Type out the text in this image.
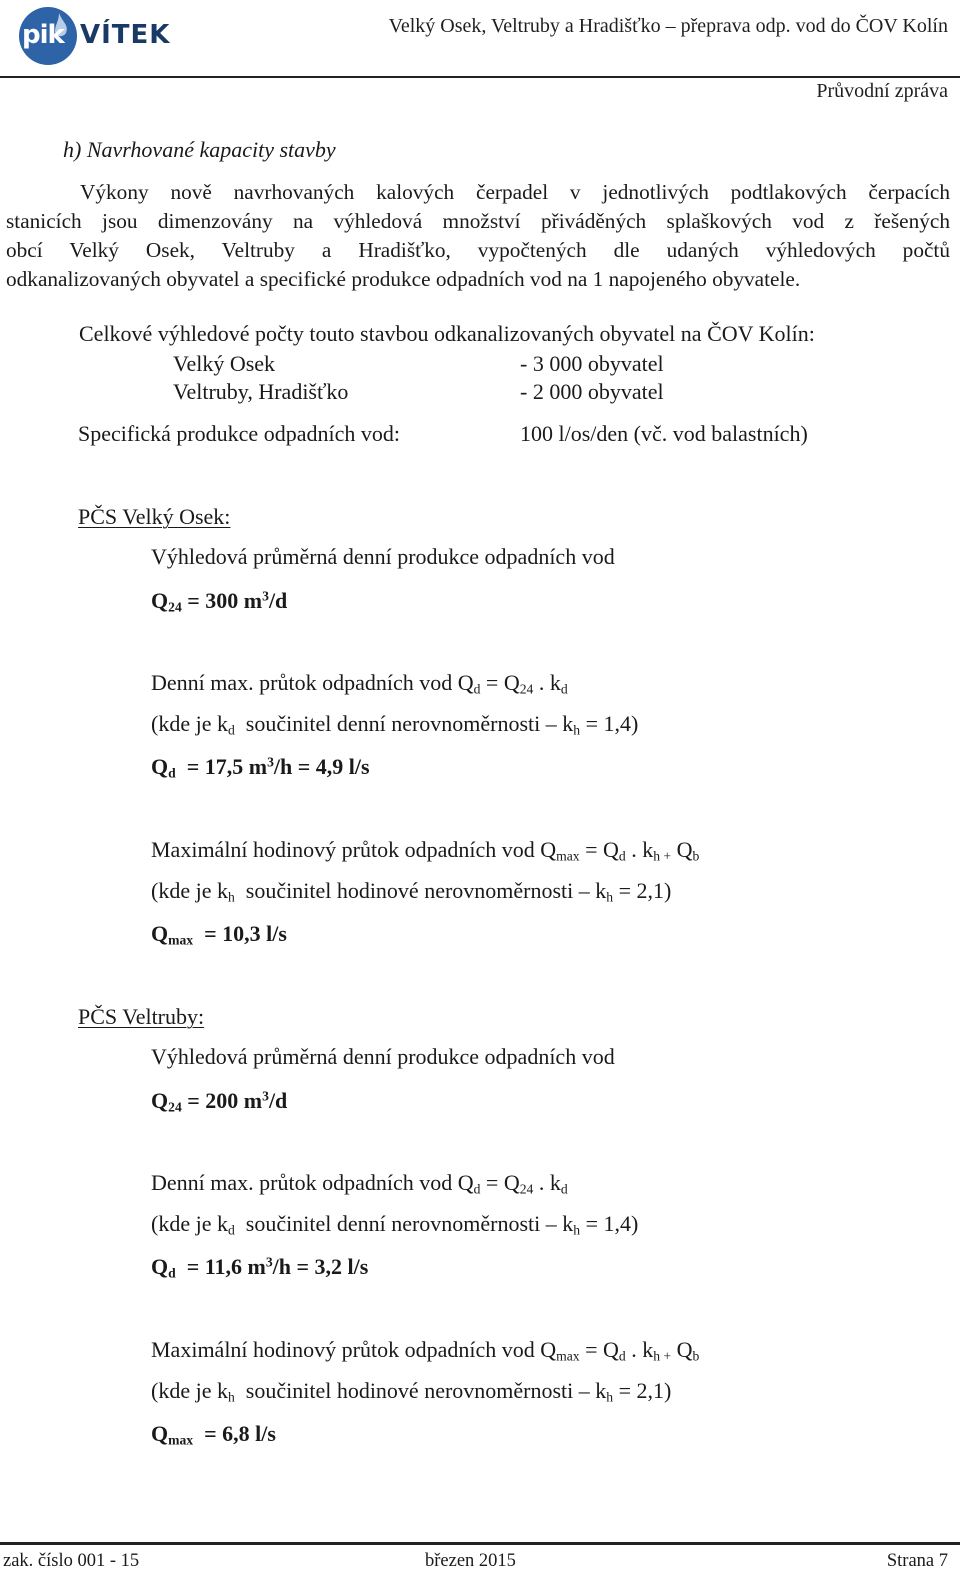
pik VÍTEK	Velký Osek, Veltruby a Hradišťko – přeprava odp. vod do ČOV Kolín
Průvodní zpráva
h) Navrhované kapacity stavby
Výkony nově navrhovaných kalových čerpadel v jednotlivých podtlakových čerpacích
stanicích jsou dimenzovány na výhledová množství přiváděných splaškových vod z řešených
obcí Velký Osek, Veltruby a Hradišťko, vypočtených dle udaných výhledových počtů
odkanalizovaných obyvatel a specifické produkce odpadních vod na 1 napojeného obyvatele.
Celkové výhledové počty touto stavbou odkanalizovaných obyvatel na ČOV Kolín:
Velký Osek	- 3 000 obyvatel
Veltruby, Hradišťko	- 2 000 obyvatel
Specifická produkce odpadních vod:	100 l/os/den (vč. vod balastních)
PČS Velký Osek:
Výhledová průměrná denní produkce odpadních vod
$Q_{24} = 300$ $m^3/d$
Denní max. průtok odpadních vod $Q_d = Q_{24}$ . $k_d$
(kde je $k_d$ součinitel denní nerovnoměrnosti – $k_h = 1,4$)
$Q_d = 17,5$ $m^3/h = 4,9$ l/s
Maximální hodinový průtok odpadních vod $Q_{max} = Q_d$ . $k_{h +}$ $Q_b$
(kde je $k_h$ součinitel hodinové nerovnoměrnosti – $k_h = 2,1$)
$Q_{max} = 10,3$ l/s
PČS Veltruby:
Výhledová průměrná denní produkce odpadních vod
$Q_{24} = 200$ $m^3/d$
Denní max. průtok odpadních vod $Q_d = Q_{24}$ . $k_d$
(kde je $k_d$ součinitel denní nerovnoměrnosti – $k_h = 1,4$)
$Q_d = 11,6$ $m^3/h = 3,2$ l/s
Maximální hodinový průtok odpadních vod $Q_{max} = Q_d$ . $k_{h +}$ $Q_b$
(kde je $k_h$ součinitel hodinové nerovnoměrnosti – $k_h = 2,1$)
$Q_{max} = 6,8$ l/s
zak. číslo 001 - 15	březen 2015	Strana 7
